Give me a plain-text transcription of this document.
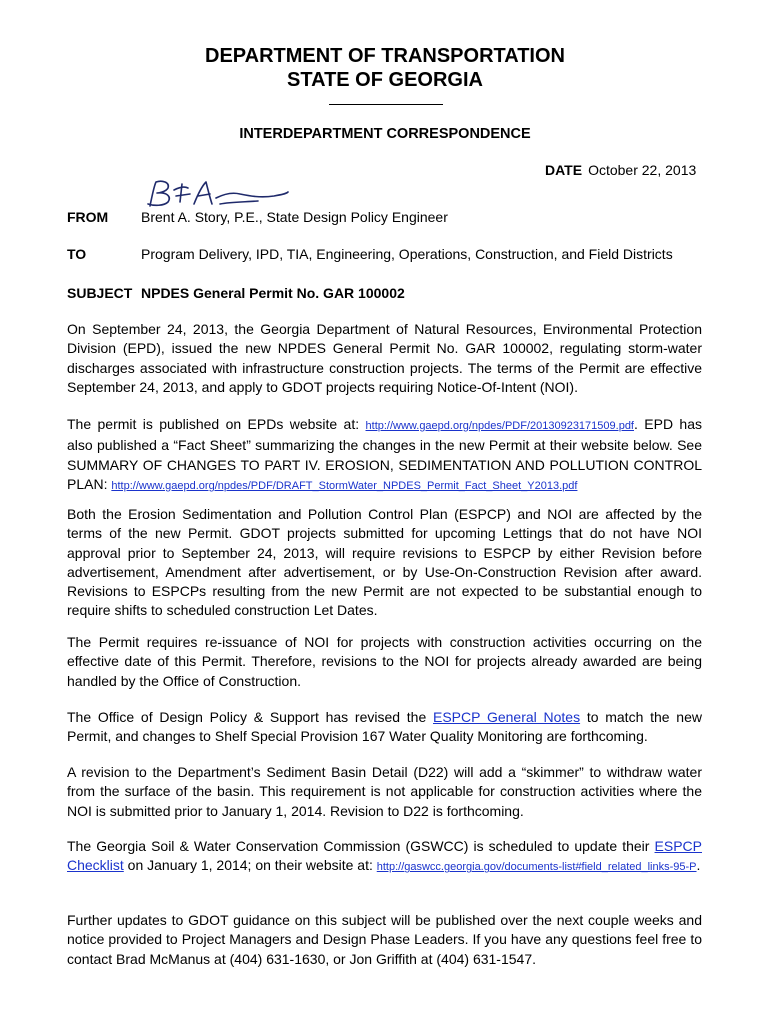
DEPARTMENT OF TRANSPORTATION
STATE OF GEORGIA
INTERDEPARTMENT CORRESPONDENCE
DATE October 22, 2013
FROM Brent A. Story, P.E., State Design Policy Engineer
TO	Program Delivery, IPD, TIA, Engineering, Operations, Construction, and Field Districts
SUBJECT NPDES General Permit No. GAR 100002
On September 24, 2013, the Georgia Department of Natural Resources, Environmental Protection Division (EPD), issued the new NPDES General Permit No. GAR 100002, regulating storm-water discharges associated with infrastructure construction projects. The terms of the Permit are effective September 24, 2013, and apply to GDOT projects requiring Notice-Of-Intent (NOI).
The permit is published on EPDs website at: http://www.gaepd.org/npdes/PDF/20130923171509.pdf. EPD has also published a “Fact Sheet” summarizing the changes in the new Permit at their website below. See SUMMARY OF CHANGES TO PART IV. EROSION, SEDIMENTATION AND POLLUTION CONTROL PLAN: http://www.gaepd.org/npdes/PDF/DRAFT_StormWater_NPDES_Permit_Fact_Sheet_Y2013.pdf
Both the Erosion Sedimentation and Pollution Control Plan (ESPCP) and NOI are affected by the terms of the new Permit. GDOT projects submitted for upcoming Lettings that do not have NOI approval prior to September 24, 2013, will require revisions to ESPCP by either Revision before advertisement, Amendment after advertisement, or by Use-On-Construction Revision after award. Revisions to ESPCPs resulting from the new Permit are not expected to be substantial enough to require shifts to scheduled construction Let Dates.
The Permit requires re-issuance of NOI for projects with construction activities occurring on the effective date of this Permit. Therefore, revisions to the NOI for projects already awarded are being handled by the Office of Construction.
The Office of Design Policy & Support has revised the ESPCP General Notes to match the new Permit, and changes to Shelf Special Provision 167 Water Quality Monitoring are forthcoming.
A revision to the Department’s Sediment Basin Detail (D22) will add a “skimmer” to withdraw water from the surface of the basin. This requirement is not applicable for construction activities where the NOI is submitted prior to January 1, 2014. Revision to D22 is forthcoming.
The Georgia Soil & Water Conservation Commission (GSWCC) is scheduled to update their ESPCP Checklist on January 1, 2014; on their website at: http://gaswcc.georgia.gov/documents-list#field_related_links-95-P.
Further updates to GDOT guidance on this subject will be published over the next couple weeks and notice provided to Project Managers and Design Phase Leaders. If you have any questions feel free to contact Brad McManus at (404) 631-1630, or Jon Griffith at (404) 631-1547.
